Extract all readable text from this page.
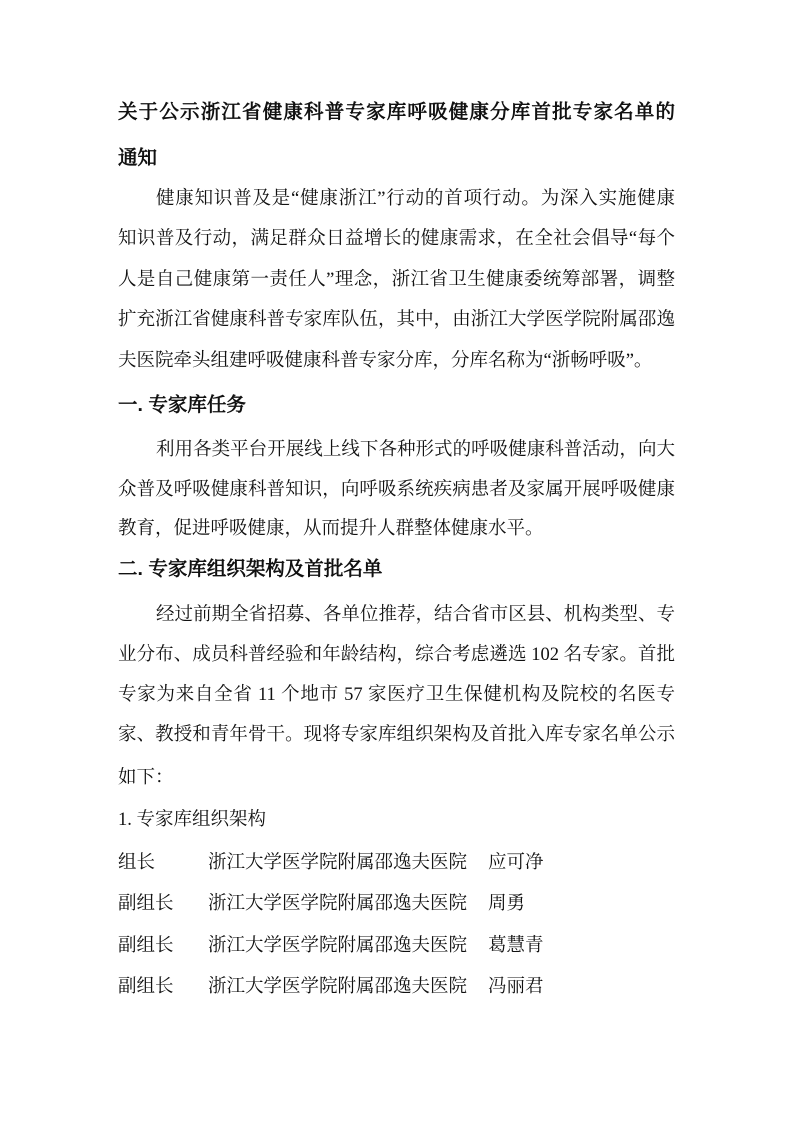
关于公示浙江省健康科普专家库呼吸健康分库首批专家名单的
通知
健康知识普及是“健康浙江”行动的首项行动。为深入实施健康
知识普及行动，满足群众日益增长的健康需求，在全社会倡导“每个
人是自己健康第一责任人”理念，浙江省卫生健康委统筹部署，调整
扩充浙江省健康科普专家库队伍，其中，由浙江大学医学院附属邵逸
夫医院牵头组建呼吸健康科普专家分库，分库名称为“浙畅呼吸”。
一. 专家库任务
利用各类平台开展线上线下各种形式的呼吸健康科普活动，向大
众普及呼吸健康科普知识，向呼吸系统疾病患者及家属开展呼吸健康
教育，促进呼吸健康，从而提升人群整体健康水平。
二. 专家库组织架构及首批名单
经过前期全省招募、各单位推荐，结合省市区县、机构类型、专
业分布、成员科普经验和年龄结构，综合考虑遴选 102 名专家。首批
专家为来自全省 11 个地市 57 家医疗卫生保健机构及院校的名医专
家、教授和青年骨干。现将专家库组织架构及首批入库专家名单公示
如下：
1. 专家库组织架构
组长	浙江大学医学院附属邵逸夫医院 应可净
副组长 浙江大学医学院附属邵逸夫医院 周勇
副组长 浙江大学医学院附属邵逸夫医院 葛慧青
副组长 浙江大学医学院附属邵逸夫医院 冯丽君
